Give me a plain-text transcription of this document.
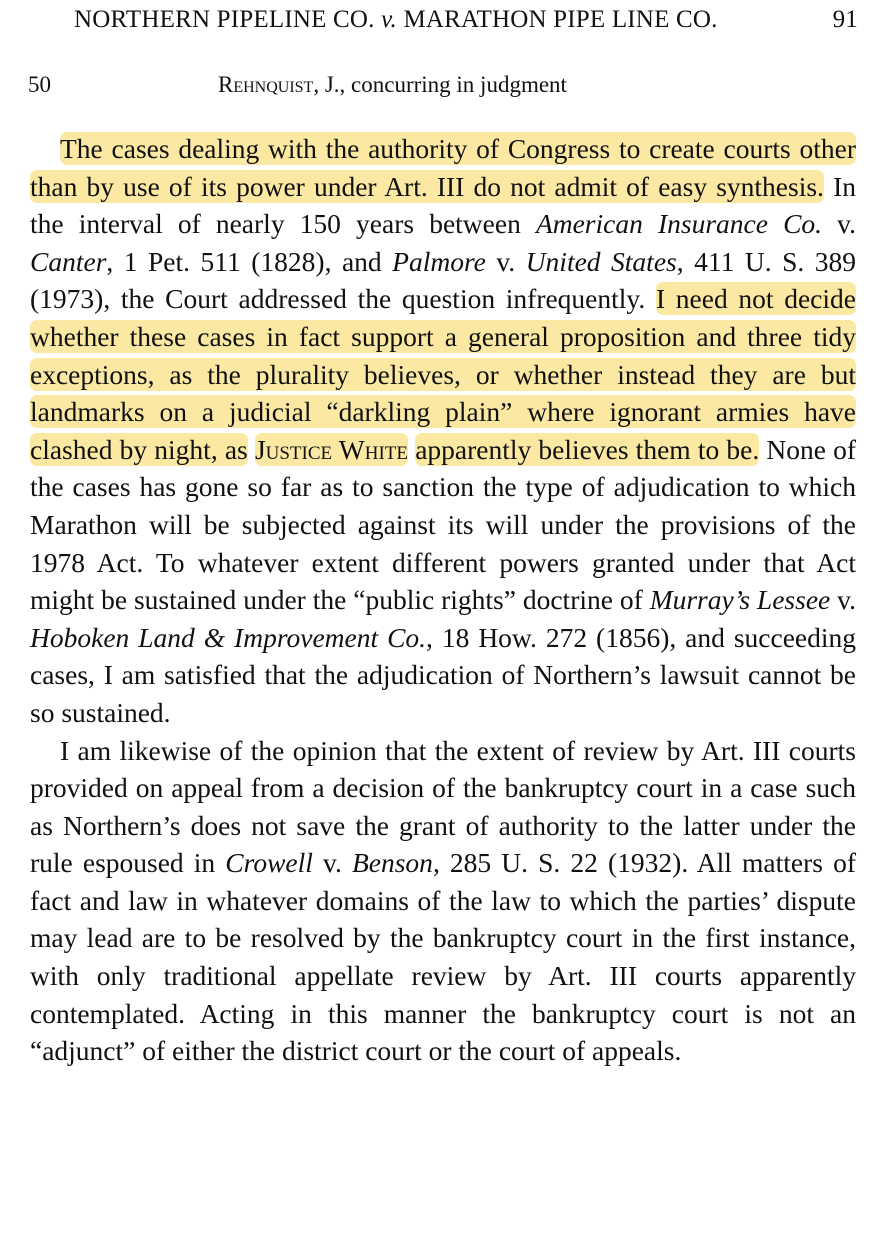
NORTHERN PIPELINE CO. v. MARATHON PIPE LINE CO.	91
50	Rehnquist, J., concurring in judgment

The cases dealing with the authority of Congress to create courts other than by use of its power under Art. III do not admit of easy synthesis. In the interval of nearly 150 years between American Insurance Co. v. Canter, 1 Pet. 511 (1828), and Palmore v. United States, 411 U. S. 389 (1973), the Court addressed the question infrequently. I need not decide whether these cases in fact support a general proposition and three tidy exceptions, as the plurality believes, or whether instead they are but landmarks on a judicial “darkling plain” where ignorant armies have clashed by night, as Justice White apparently believes them to be. None of the cases has gone so far as to sanction the type of adjudication to which Marathon will be subjected against its will under the provisions of the 1978 Act. To whatever extent different powers granted under that Act might be sustained under the “public rights” doctrine of Murray’s Lessee v. Hoboken Land & Improvement Co., 18 How. 272 (1856), and succeeding cases, I am satisfied that the adjudication of Northern’s lawsuit cannot be so sustained.

I am likewise of the opinion that the extent of review by Art. III courts provided on appeal from a decision of the bankruptcy court in a case such as Northern’s does not save the grant of authority to the latter under the rule espoused in Crowell v. Benson, 285 U. S. 22 (1932). All matters of fact and law in whatever domains of the law to which the parties’ dispute may lead are to be resolved by the bankruptcy court in the first instance, with only traditional appellate review by Art. III courts apparently contemplated. Acting in this manner the bankruptcy court is not an “adjunct” of either the district court or the court of appeals.
